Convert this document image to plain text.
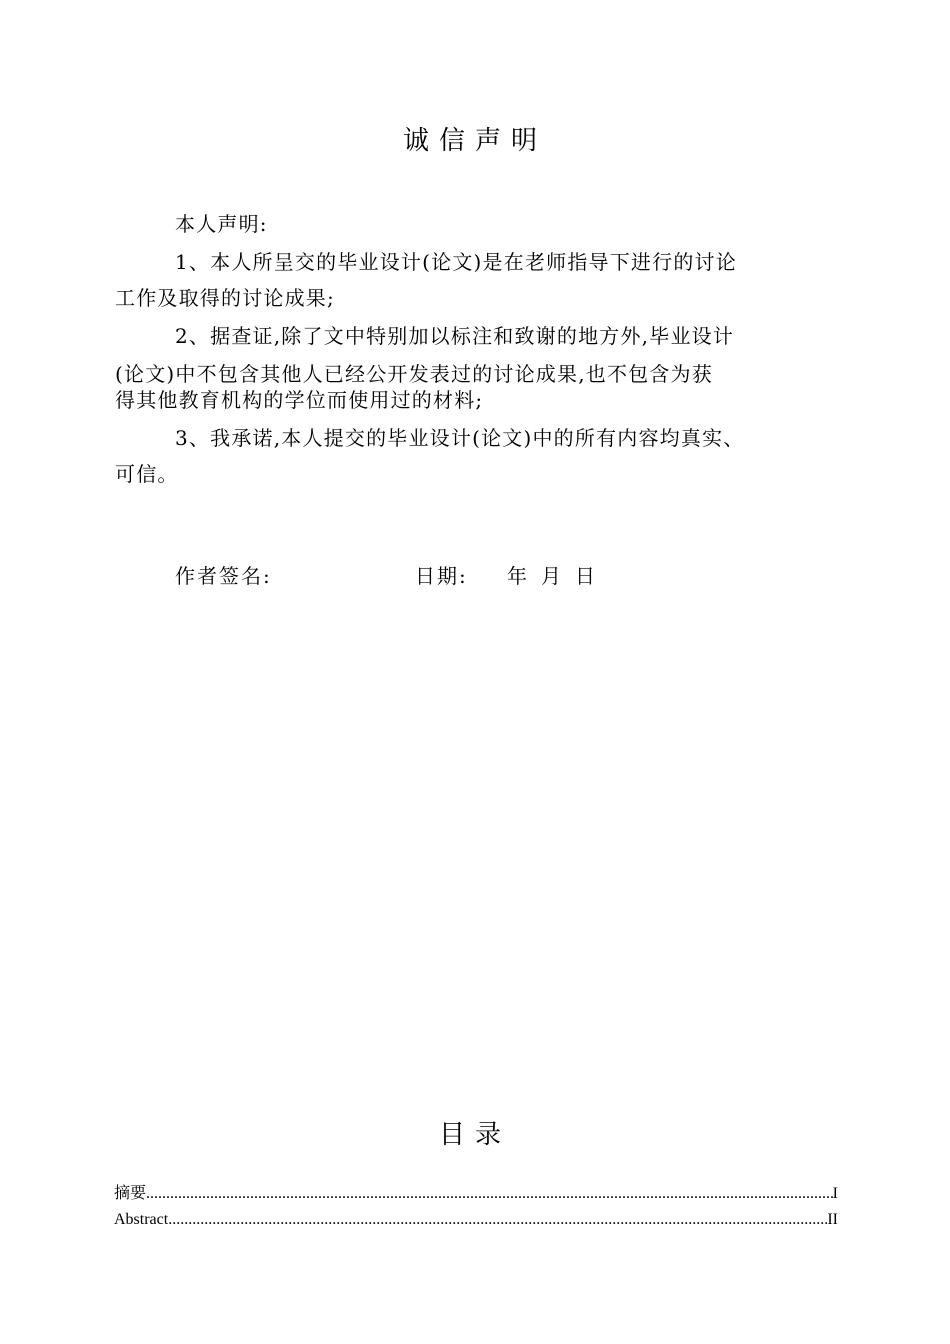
诚信声明
本人声明:
1、本人所呈交的毕业设计(论文)是在老师指导下进行的讨论
工作及取得的讨论成果;
2、据查证,除了文中特别加以标注和致谢的地方外,毕业设计
(论文)中不包含其他人已经公开发表过的讨论成果,也不包含为获
得其他教育机构的学位而使用过的材料;
3、我承诺,本人提交的毕业设计(论文)中的所有内容均真实、
可信。
作者签名:	日期: 年 月 日
目录
摘要 .....	I
Abstract .....	II
